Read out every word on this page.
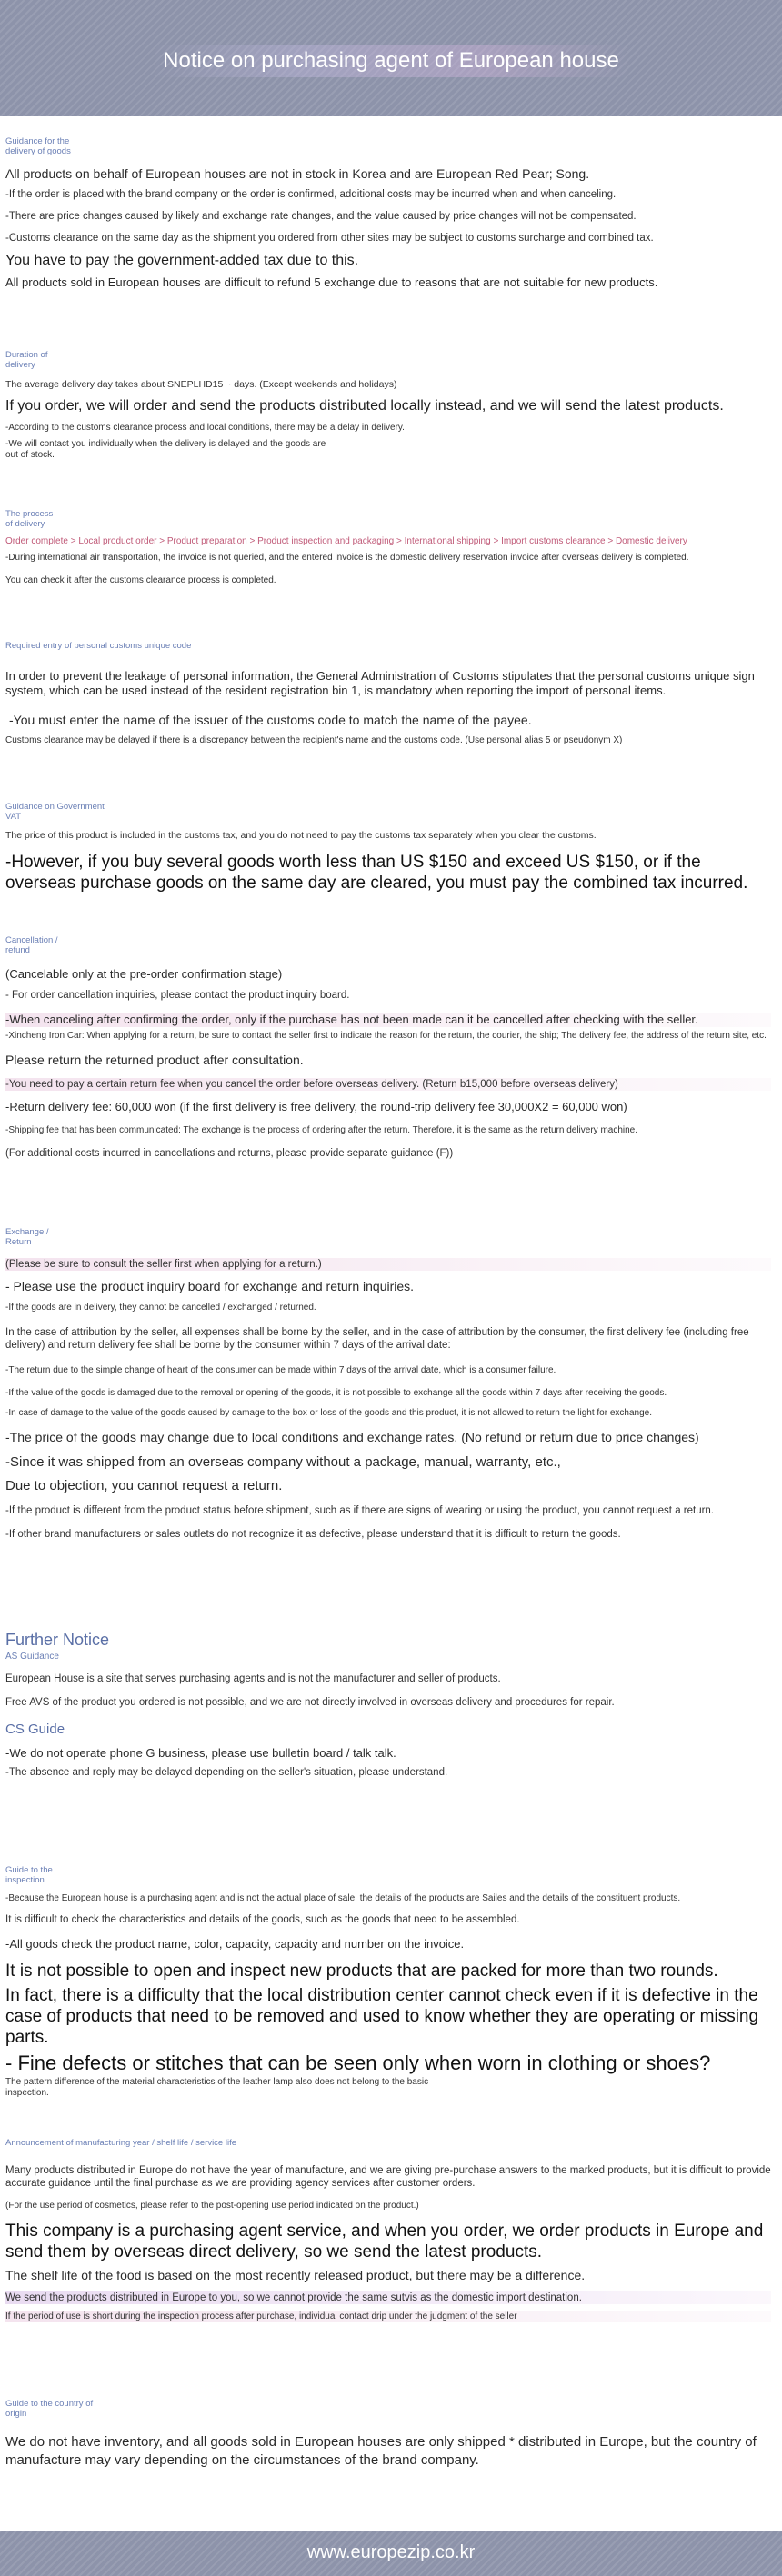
Notice on purchasing agent of European house
Guidance for the delivery of goods

All products on behalf of European houses are not in stock in Korea and are European Red Pear; Song.

-If the order is placed with the brand company or the order is confirmed, additional costs may be incurred when and when canceling.

-There are price changes caused by likely and exchange rate changes, and the value caused by price changes will not be compensated.

-Customs clearance on the same day as the shipment you ordered from other sites may be subject to customs surcharge and combined tax.

You have to pay the government-added tax due to this.

All products sold in European houses are difficult to refund 5 exchange due to reasons that are not suitable for new products.

Duration of delivery

The average delivery day takes about SNEPLHD15 ~ days. (Except weekends and holidays)

If you order, we will order and send the products distributed locally instead, and we will send the latest products.

-According to the customs clearance process and local conditions, there may be a delay in delivery.

-We will contact you individually when the delivery is delayed and the goods are out of stock.

The process of delivery

Order complete > Local product order > Product preparation > Product inspection and packaging > International shipping > Import customs clearance > Domestic delivery

-During international air transportation, the invoice is not queried, and the entered invoice is the domestic delivery reservation invoice after overseas delivery is completed.

You can check it after the customs clearance process is completed.

Required entry of personal customs unique code

In order to prevent the leakage of personal information, the General Administration of Customs stipulates that the personal customs unique sign system, which can be used instead of the resident registration bin 1, is mandatory when reporting the import of personal items.

-You must enter the name of the issuer of the customs code to match the name of the payee.

Customs clearance may be delayed if there is a discrepancy between the recipient's name and the customs code. (Use personal alias 5 or pseudonym X)

Guidance on Government VAT

The price of this product is included in the customs tax, and you do not need to pay the customs tax separately when you clear the customs.

-However, if you buy several goods worth less than US $150 and exceed US $150, or if the overseas purchase goods on the same day are cleared, you must pay the combined tax incurred.

Cancellation / refund

(Cancelable only at the pre-order confirmation stage)

- For order cancellation inquiries, please contact the product inquiry board.

-When canceling after confirming the order, only if the purchase has not been made can it be cancelled after checking with the seller.

-Xincheng Iron Car: When applying for a return, be sure to contact the seller first to indicate the reason for the return, the courier, the ship; The delivery fee, the address of the return site, etc.

Please return the returned product after consultation.

-You need to pay a certain return fee when you cancel the order before overseas delivery. (Return b15,000 before overseas delivery)

-Return delivery fee: 60,000 won (if the first delivery is free delivery, the round-trip delivery fee 30,000X2 = 60,000 won)

-Shipping fee that has been communicated: The exchange is the process of ordering after the return. Therefore, it is the same as the return delivery machine.

(For additional costs incurred in cancellations and returns, please provide separate guidance (F))

Exchange / Return

(Please be sure to consult the seller first when applying for a return.)

- Please use the product inquiry board for exchange and return inquiries.

-If the goods are in delivery, they cannot be cancelled / exchanged / returned.

In the case of attribution by the seller, all expenses shall be borne by the seller, and in the case of attribution by the consumer, the first delivery fee (including free delivery) and return delivery fee shall be borne by the consumer within 7 days of the arrival date:

-The return due to the simple change of heart of the consumer can be made within 7 days of the arrival date, which is a consumer failure.

-If the value of the goods is damaged due to the removal or opening of the goods, it is not possible to exchange all the goods within 7 days after receiving the goods.

-In case of damage to the value of the goods caused by damage to the box or loss of the goods and this product, it is not allowed to return the light for exchange.

-The price of the goods may change due to local conditions and exchange rates. (No refund or return due to price changes)

-Since it was shipped from an overseas company without a package, manual, warranty, etc.,

Due to objection, you cannot request a return.

-If the product is different from the product status before shipment, such as if there are signs of wearing or using the product, you cannot request a return.

-If other brand manufacturers or sales outlets do not recognize it as defective, please understand that it is difficult to return the goods.

Further Notice
AS Guidance

European House is a site that serves purchasing agents and is not the manufacturer and seller of products.

Free AVS of the product you ordered is not possible, and we are not directly involved in overseas delivery and procedures for repair.

CS Guide

-We do not operate phone G business, please use bulletin board / talk talk.

-The absence and reply may be delayed depending on the seller's situation, please understand.

Guide to the inspection

-Because the European house is a purchasing agent and is not the actual place of sale, the details of the products are Sailes and the details of the constituent products.

It is difficult to check the characteristics and details of the goods, such as the goods that need to be assembled.

-All goods check the product name, color, capacity, capacity and number on the invoice.

It is not possible to open and inspect new products that are packed for more than two rounds.

In fact, there is a difficulty that the local distribution center cannot check even if it is defective in the case of products that need to be removed and used to know whether they are operating or missing parts.

- Fine defects or stitches that can be seen only when worn in clothing or shoes?

The pattern difference of the material characteristics of the leather lamp also does not belong to the basic inspection.

Announcement of manufacturing year / shelf life / service life

Many products distributed in Europe do not have the year of manufacture, and we are giving pre-purchase answers to the marked products, but it is difficult to provide accurate guidance until the final purchase as we are providing agency services after customer orders.

(For the use period of cosmetics, please refer to the post-opening use period indicated on the product.)

This company is a purchasing agent service, and when you order, we order products in Europe and send them by overseas direct delivery, so we send the latest products.

The shelf life of the food is based on the most recently released product, but there may be a difference.

We send the products distributed in Europe to you, so we cannot provide the same sutvis as the domestic import destination.

If the period of use is short during the inspection process after purchase, individual contact drip under the judgment of the seller

Guide to the country of origin

We do not have inventory, and all goods sold in European houses are only shipped * distributed in Europe, but the country of manufacture may vary depending on the circumstances of the brand company.

www.europezip.co.kr
